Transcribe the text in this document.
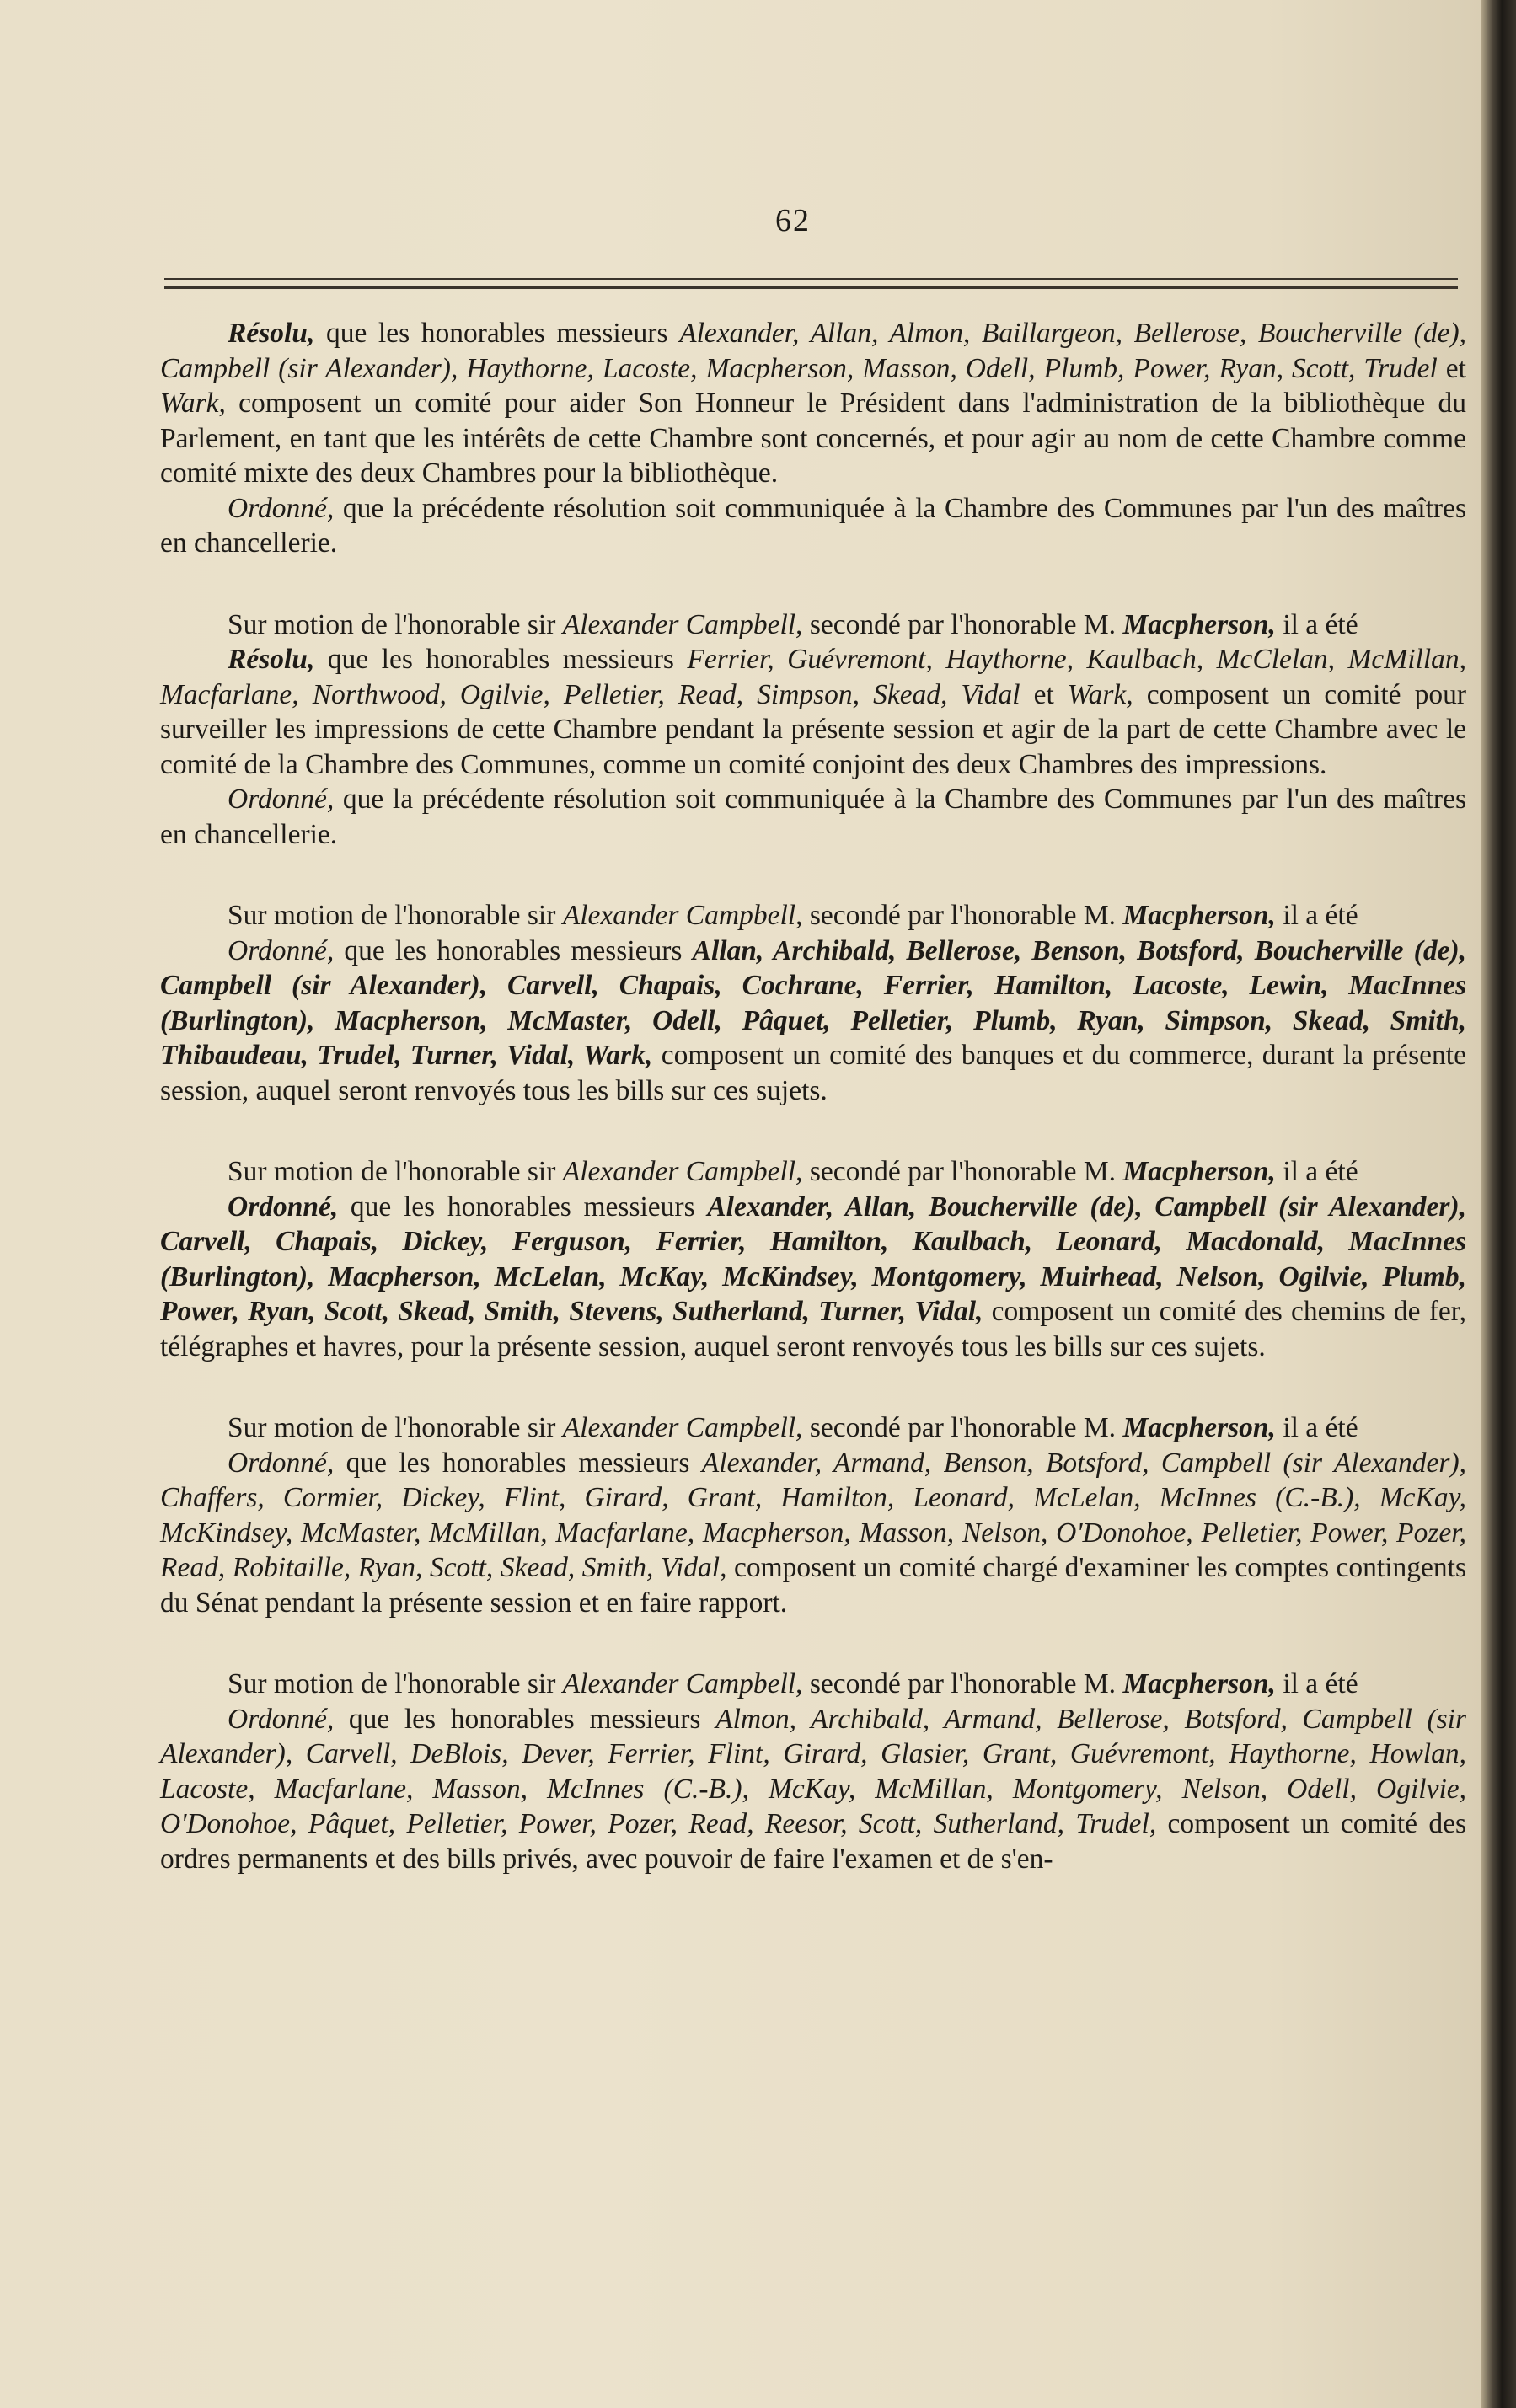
62

Résolu, que les honorables messieurs Alexander, Allan, Almon, Baillargeon, Bellerose, Boucherville (de), Campbell (sir Alexander), Haythorne, Lacoste, Macpherson, Masson, Odell, Plumb, Power, Ryan, Scott, Trudel et Wark, composent un comité pour aider Son Honneur le Président dans l'administration de la bibliothèque du Parlement, en tant que les intérêts de cette Chambre sont concernés, et pour agir au nom de cette Chambre comme comité mixte des deux Chambres pour la bibliothèque.

Ordonné, que la précédente résolution soit communiquée à la Chambre des Communes par l'un des maîtres en chancellerie.

Sur motion de l'honorable sir Alexander Campbell, secondé par l'honorable M. Macpherson, il a été

Résolu, que les honorables messieurs Ferrier, Guévremont, Haythorne, Kaulbach, McClelan, McMillan, Macfarlane, Northwood, Ogilvie, Pelletier, Read, Simpson, Skead, Vidal et Wark, composent un comité pour surveiller les impressions de cette Chambre pendant la présente session et agir de la part de cette Chambre avec le comité de la Chambre des Communes, comme un comité conjoint des deux Chambres des impressions.

Ordonné, que la précédente résolution soit communiquée à la Chambre des Communes par l'un des maîtres en chancellerie.

Sur motion de l'honorable sir Alexander Campbell, secondé par l'honorable M. Macpherson, il a été

Ordonné, que les honorables messieurs Allan, Archibald, Bellerose, Benson, Botsford, Boucherville (de), Campbell (sir Alexander), Carvell, Chapais, Cochrane, Ferrier, Hamilton, Lacoste, Lewin, MacInnes (Burlington), Macpherson, McMaster, Odell, Pâquet, Pelletier, Plumb, Ryan, Simpson, Skead, Smith, Thibaudeau, Trudel, Turner, Vidal, Wark, composent un comité des banques et du commerce, durant la présente session, auquel seront renvoyés tous les bills sur ces sujets.

Sur motion de l'honorable sir Alexander Campbell, secondé par l'honorable M. Macpherson, il a été

Ordonné, que les honorables messieurs Alexander, Allan, Boucherville (de), Campbell (sir Alexander), Carvell, Chapais, Dickey, Ferguson, Ferrier, Hamilton, Kaulbach, Leonard, Macdonald, MacInnes (Burlington), Macpherson, McLelan, McKay, McKindsey, Montgomery, Muirhead, Nelson, Ogilvie, Plumb, Power, Ryan, Scott, Skead, Smith, Stevens, Sutherland, Turner, Vidal, composent un comité des chemins de fer, télégraphes et havres, pour la présente session, auquel seront renvoyés tous les bills sur ces sujets.

Sur motion de l'honorable sir Alexander Campbell, secondé par l'honorable M. Macpherson, il a été

Ordonné, que les honorables messieurs Alexander, Armand, Benson, Botsford, Campbell (sir Alexander), Chaffers, Cormier, Dickey, Flint, Girard, Grant, Hamilton, Leonard, McLelan, McInnes (C.-B.), McKay, McKindsey, McMaster, McMillan, Macfarlane, Macpherson, Masson, Nelson, O'Donohoe, Pelletier, Power, Pozer, Read, Robitaille, Ryan, Scott, Skead, Smith, Vidal, composent un comité chargé d'examiner les comptes contingents du Sénat pendant la présente session et en faire rapport.

Sur motion de l'honorable sir Alexander Campbell, secondé par l'honorable M. Macpherson, il a été

Ordonné, que les honorables messieurs Almon, Archibald, Armand, Bellerose, Botsford, Campbell (sir Alexander), Carvell, DeBlois, Dever, Ferrier, Flint, Girard, Glasier, Grant, Guévremont, Haythorne, Howlan, Lacoste, Macfarlane, Masson, McInnes (C.-B.), McKay, McMillan, Montgomery, Nelson, Odell, Ogilvie, O'Donohoe, Pâquet, Pelletier, Power, Pozer, Read, Reesor, Scott, Sutherland, Trudel, composent un comité des ordres permanents et des bills privés, avec pouvoir de faire l'examen et de s'en-
